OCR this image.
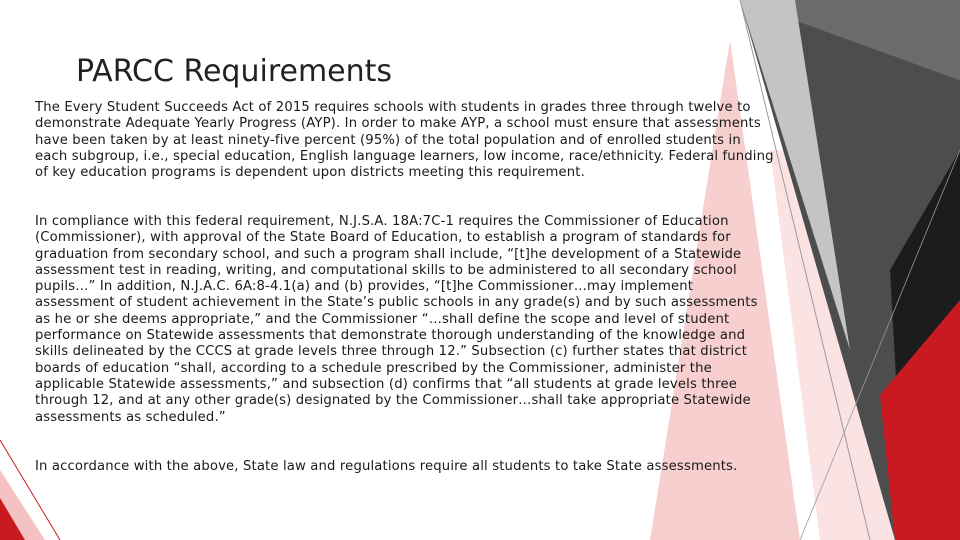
PARCC Requirements

The Every Student Succeeds Act of 2015 requires schools with students in grades three through twelve to demonstrate Adequate Yearly Progress (AYP). In order to make AYP, a school must ensure that assessments have been taken by at least ninety-five percent (95%) of the total population and of enrolled students in each subgroup, i.e., special education, English language learners, low income, race/ethnicity. Federal funding of key education programs is dependent upon districts meeting this requirement.

In compliance with this federal requirement, N.J.S.A. 18A:7C-1 requires the Commissioner of Education (Commissioner), with approval of the State Board of Education, to establish a program of standards for graduation from secondary school, and such a program shall include, “[t]he development of a Statewide assessment test in reading, writing, and computational skills to be administered to all secondary school pupils…” In addition, N.J.A.C. 6A:8-4.1(a) and (b) provides, “[t]he Commissioner…may implement assessment of student achievement in the State’s public schools in any grade(s) and by such assessments as he or she deems appropriate,” and the Commissioner “…shall define the scope and level of student performance on Statewide assessments that demonstrate thorough understanding of the knowledge and skills delineated by the CCCS at grade levels three through 12.” Subsection (c) further states that district boards of education “shall, according to a schedule prescribed by the Commissioner, administer the applicable Statewide assessments,” and subsection (d) confirms that “all students at grade levels three through 12, and at any other grade(s) designated by the Commissioner…shall take appropriate Statewide assessments as scheduled.”

In accordance with the above, State law and regulations require all students to take State assessments.
